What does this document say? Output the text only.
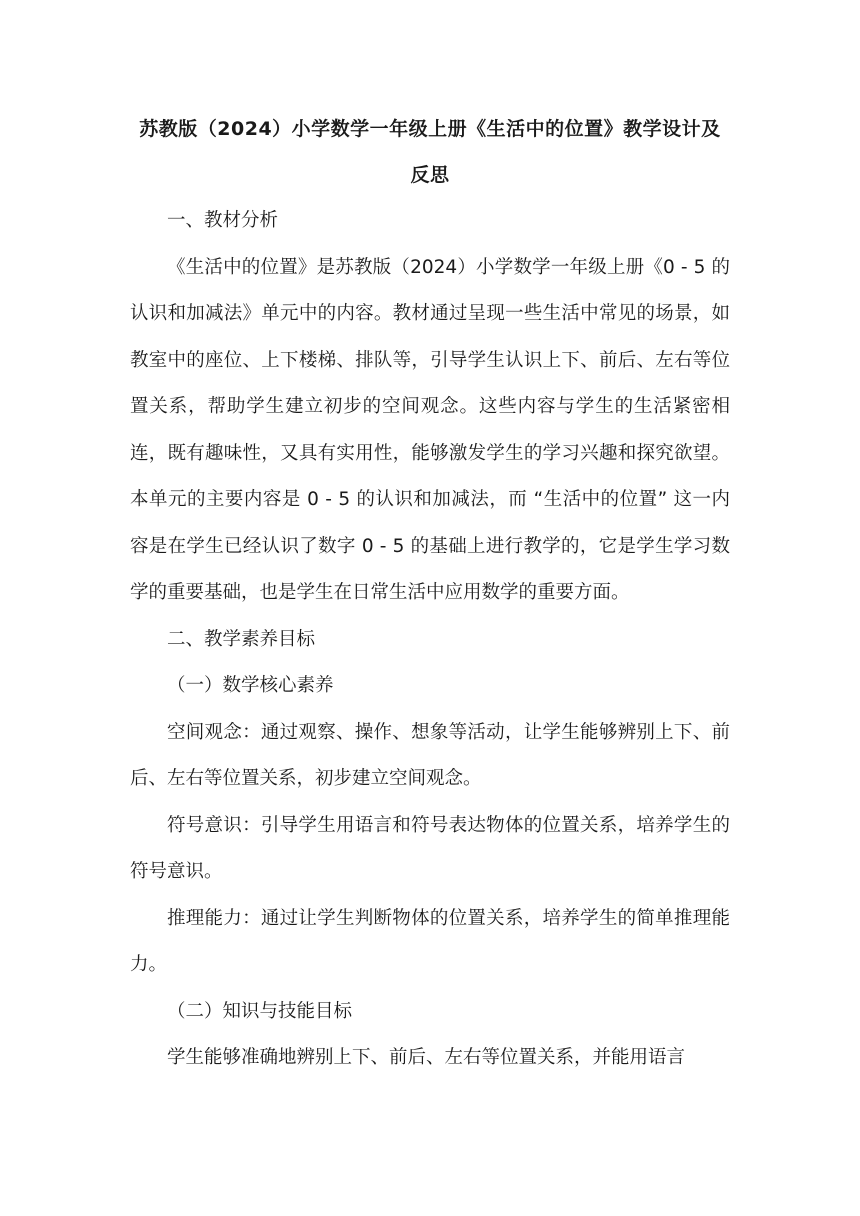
苏教版（2024）小学数学一年级上册《生活中的位置》教学设计及反思

一、教材分析

《生活中的位置》是苏教版（2024）小学数学一年级上册《0 - 5 的认识和加减法》单元中的内容。教材通过呈现一些生活中常见的场景，如教室中的座位、上下楼梯、排队等，引导学生认识上下、前后、左右等位置关系，帮助学生建立初步的空间观念。这些内容与学生的生活紧密相连，既有趣味性，又具有实用性，能够激发学生的学习兴趣和探究欲望。本单元的主要内容是 0 - 5 的认识和加减法，而 “生活中的位置” 这一内容是在学生已经认识了数字 0 - 5 的基础上进行教学的，它是学生学习数学的重要基础，也是学生在日常生活中应用数学的重要方面。

二、教学素养目标

（一）数学核心素养

空间观念：通过观察、操作、想象等活动，让学生能够辨别上下、前后、左右等位置关系，初步建立空间观念。

符号意识：引导学生用语言和符号表达物体的位置关系，培养学生的符号意识。

推理能力：通过让学生判断物体的位置关系，培养学生的简单推理能力。

（二）知识与技能目标

学生能够准确地辨别上下、前后、左右等位置关系，并能用语言
